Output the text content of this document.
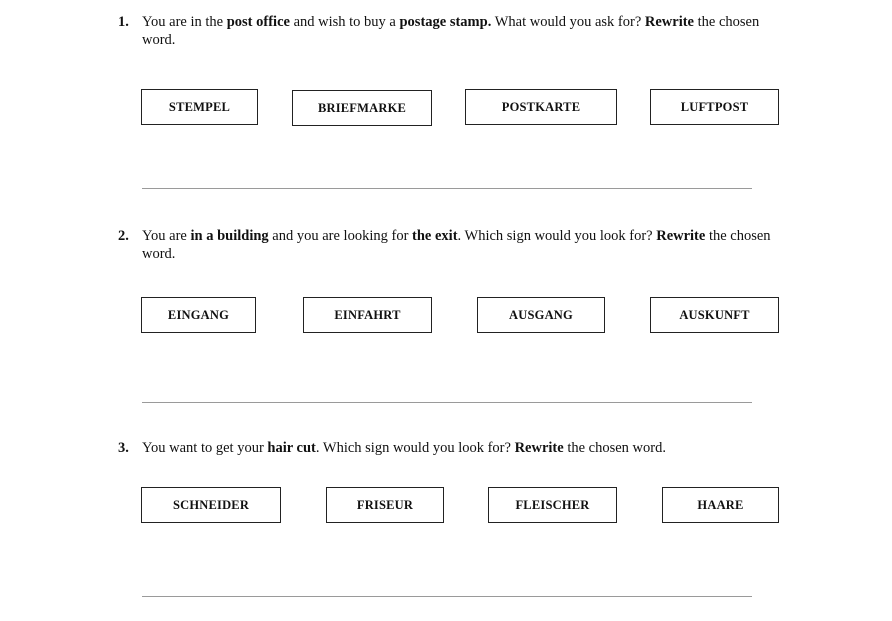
1. You are in the post office and wish to buy a postage stamp. What would you ask for? Rewrite the chosen word.
STEMPEL	BRIEFMARKE	POSTKARTE	LUFTPOST
2. You are in a building and you are looking for the exit. Which sign would you look for? Rewrite the chosen word.
EINGANG	EINFAHRT	AUSGANG	AUSKUNFT
3. You want to get your hair cut. Which sign would you look for? Rewrite the chosen word.
SCHNEIDER	FRISEUR	FLEISCHER	HAARE
